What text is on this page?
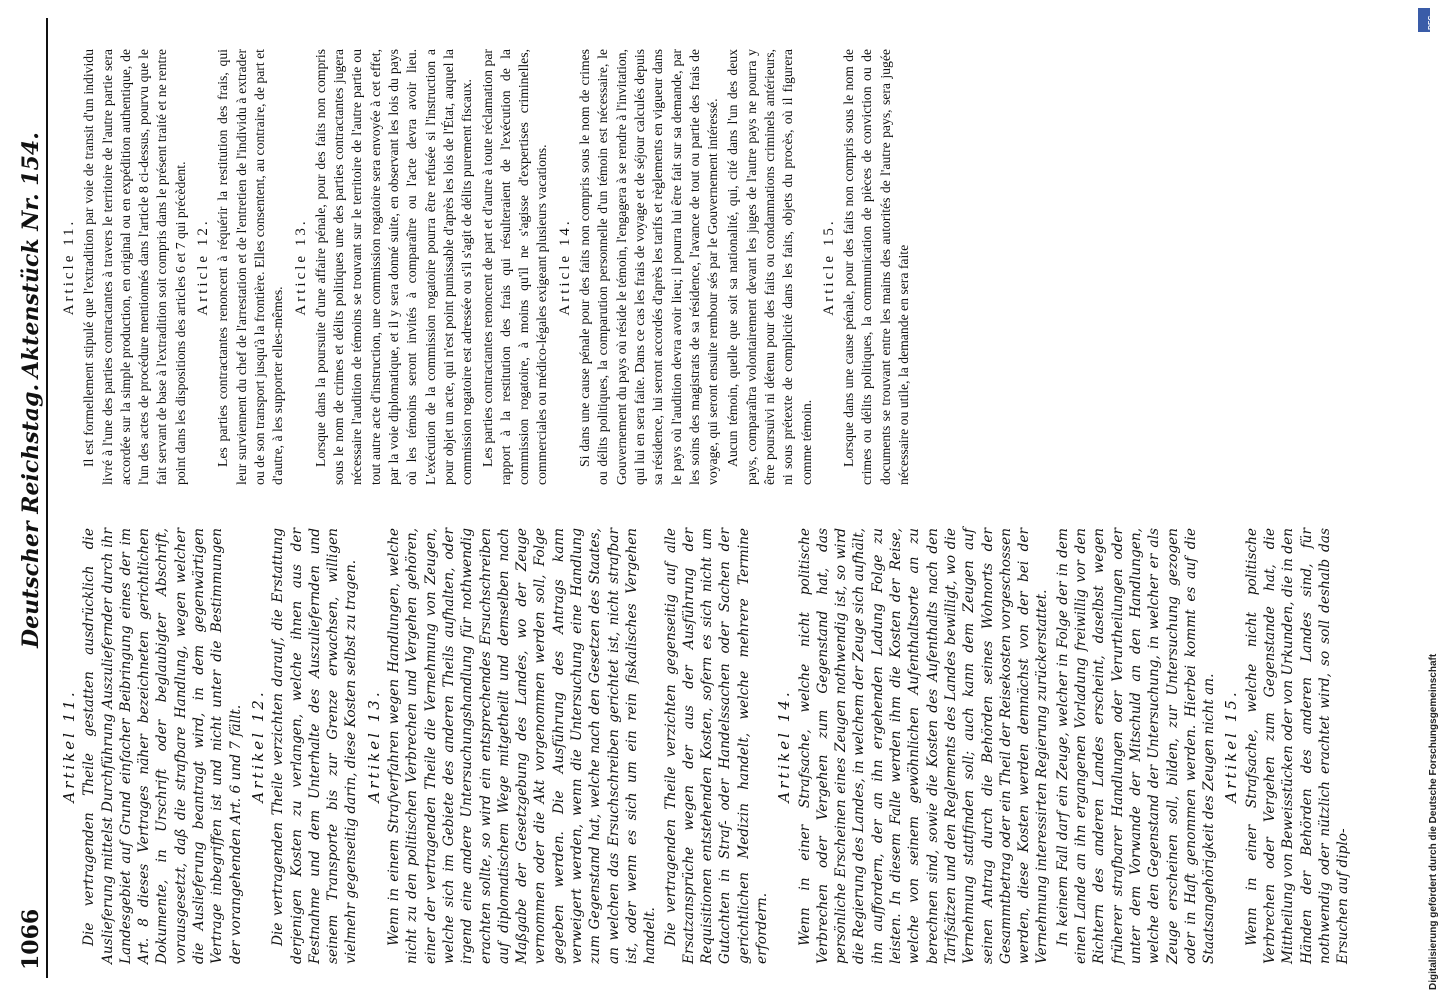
1066
Deutscher Reichstag.
Aktenstück Nr. 154.
Artikel 11. Die vertragenden Theile gestatten ausdrücklich die Auslieferung mittelst Durchführung Auszuliefernder durch ihr Landesgebiet auf Grund einfacher Beibringung eines der im Art. 8 dieses Vertrages näher bezeichneten gerichtlichen Dokumente, in Urschrift oder beglaubigter Abschrift, vorausgesetzt, daß die strafbare Handlung, wegen welcher die Auslieferung beantragt wird, in dem gegenwärtigen Vertrage inbegriffen ist und nicht unter die Bestimmungen der vorangehenden Art. 6 und 7 fällt. Artikel 12. Die vertragenden Theile verzichten darauf, die Erstattung derjenigen Kosten zu verlangen, welche ihnen aus der Festnahme und dem Unterhalte des Auszuliefernden und seinem Transporte bis zur Grenze erwachsen, willigen vielmehr gegenseitig darin, diese Kosten selbst zu tragen. Artikel 13. Wenn in einem Strafverfahren wegen Handlungen, welche nicht zu den politischen Verbrechen und Vergehen gehören, einer der vertragenden Theile die Vernehmung von Zeugen, welche sich im Gebiete des anderen Theils aufhalten, oder irgend eine andere Untersuchungshandlung für nothwendig erachten sollte, so wird ein entsprechendes Ersuchschreiben auf diplomatischem Wege mitgetheilt und demselben nach Maßgabe der Gesetzgebung des Landes, wo der Zeuge vernommen oder die Akt vorgenommen werden soll, Folge gegeben werden. Die Ausführung des Antrags kann verweigert werden, wenn die Untersuchung eine Handlung zum Gegenstand hat, welche nach den Gesetzen des Staates, an welchen das Ersuchschreiben gerichtet ist, nicht strafbar ist, oder wenn es sich um ein rein fiskalisches Vergehen handelt. Die vertragenden Theile verzichten gegenseitig auf alle Ersatzansprüche wegen der aus der Ausführung der Requisitionen entstehenden Kosten, sofern es sich nicht um Gutachten in Straf- oder Handelssachen oder Sachen der gerichtlichen Medizin handelt, welche mehrere Termine erfordern.

Artikel 14. Wenn in einer Strafsache, welche nicht politische Verbrechen oder Vergehen zum Gegenstand hat, das persönliche Erscheinen eines Zeugen nothwendig ist, so wird die Regierung des Landes, in welchem der Zeuge sich aufhält, ihn auffordern, der an ihn ergehenden Ladung Folge zu leisten. In diesem Falle werden ihm die Kosten der Reise, welche von seinem gewöhnlichen Aufenthaltsorte an zu berechnen sind, sowie die Kosten des Aufenthalts nach den Tarifsätzen und den Reglements des Landes bewilligt, wo die Vernehmung stattfinden soll; auch kann dem Zeugen auf seinen Antrag durch die Behörden seines Wohnorts der Gesammtbetrag oder ein Theil der Reisekosten vorgeschossen werden, diese Kosten werden demnächst von der bei der Vernehmung interessirten Regierung zurückerstattet. In keinem Fall darf ein Zeuge, welcher in Folge der in dem einen Lande an ihn ergangenen Vorladung freiwillig vor den Richtern des anderen Landes erscheint, daselbst wegen früherer strafbarer Handlungen oder Verurtheilungen oder unter dem Vorwande der Mitschuld an den Handlungen, welche den Gegenstand der Untersuchung, in welcher er als Zeuge erscheinen soll, bilden, zur Untersuchung gezogen oder in Haft genommen werden. Hierbei kommt es auf die Staatsangehörigkeit des Zeugen nicht an. Artikel 15. Wenn in einer Strafsache, welche nicht politische Verbrechen oder Vergehen zum Gegenstande hat, die Mittheilung von Beweisstücken oder von Urkunden, die in den Händen der Behörden des anderen Landes sind, für nothwendig oder nützlich erachtet wird, so soll deshalb das Ersuchen auf diplo-

Article 11. Il est formellement stipulé que l'extradition par voie de transit d'un individu livré à l'une des parties contractantes à travers le territoire de l'autre partie sera accordée sur la simple production, en original ou en expédition authentique, de l'un des actes de procédure mentionnés dans l'article 8 ci-dessus, pourvu que le fait servant de base à l'extradition soit compris dans le présent traité et ne rentre point dans les dispositions des articles 6 et 7 qui précèdent. Article 12. Les parties contractantes renoncent à réquérir la restitution des frais, qui leur surviennent du chef de l'arrestation et de l'entretien de l'individu à extrader ou de son transport jusqu'à la frontière. Elles consentent, au contraire, de part et d'autre, à les supporter elles-mêmes.

Article 13. Lorsque dans la poursuite d'une affaire pénale, pour des faits non compris sous le nom de crimes et délits politiques une des parties contractantes jugera nécessaire l'audition de témoins se trouvant sur le territoire de l'autre partie ou tout autre acte d'instruction, une commission rogatoire sera envoyée à cet effet, par la voie diplomatique, et il y sera donné suite, en observant les lois du pays où les témoins seront invités à comparaître ou l'acte devra avoir lieu. L'exécution de la commission rogatoire pourra être refusée si l'instruction a pour objet un acte, qui n'est point punissable d'après les lois de l'État, auquel la commission rogatoire est adressée ou s'il s'agit de délits purement fiscaux. Les parties contractantes renoncent de part et d'autre à toute réclamation par rapport à la restitution des frais qui résulteraient de l'exécution de la commission rogatoire, à moins qu'il ne s'agisse d'expertises criminelles, commerciales ou médico-légales exigeant plusieurs vacations. Article 14. Si dans une cause pénale pour des faits non compris sous le nom de crimes ou délits politiques, la comparution personnelle d'un témoin est nécessaire, le Gouvernement du pays où réside le témoin, l'engagera à se rendre à l'invitation, qui lui en sera faite. Dans ce cas les frais de voyage et de séjour calculés depuis sa résidence, lui seront accordés d'après les tarifs et règlements en vigueur dans le pays où l'audition devra avoir lieu; il pourra lui être fait sur sa demande, par les soins des magistrats de sa résidence, l'avance de tout ou partie des frais de voyage, qui seront ensuite rembour sés par le Gouvernement intéressé. Aucun témoin, quelle que soit sa nationalité, qui, cité dans l'un des deux pays, comparaîtra volontairement devant les juges de l'autre pays ne pourra y être poursuivi ni détenu pour des faits ou condamnations criminels antérieurs, ni sous prétexte de complicité dans les faits, objets du procès, où il figurera comme témoin.

Article 15. Lorsque dans une cause pénale, pour des faits non compris sous le nom de crimes ou délits politiques, la communication de pièces de conviction ou de documents se trouvant entre les mains des autorités de l'autre pays, sera jugée nécessaire ou utile, la demande en sera faite

Digitalisierung gefördert durch die Deutsche Forschungsgemeinschaft
DFG
